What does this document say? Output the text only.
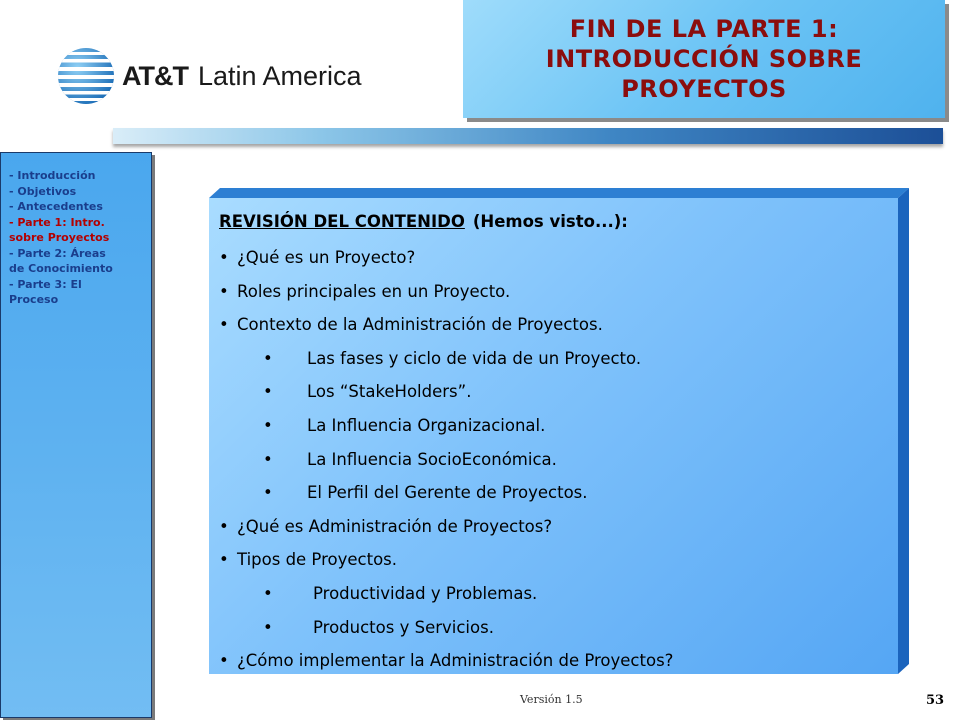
AT&T Latin America
FIN DE LA PARTE 1:
INTRODUCCIÓN SOBRE
PROYECTOS
- Introducción
- Objetivos
- Antecedentes
- Parte 1: Intro.
sobre Proyectos
- Parte 2: Áreas
de Conocimiento
- Parte 3: El
Proceso
REVISIÓN DEL CONTENIDO (Hemos visto...):
• ¿Qué es un Proyecto?
• Roles principales en un Proyecto.
• Contexto de la Administración de Proyectos.
•	Las fases y ciclo de vida de un Proyecto.
•	Los “StakeHolders”.
•	La Influencia Organizacional.
•	La Influencia SocioEconómica.
•	El Perfil del Gerente de Proyectos.
• ¿Qué es Administración de Proyectos?
• Tipos de Proyectos.
•	Productividad y Problemas.
•	Productos y Servicios.
• ¿Cómo implementar la Administración de Proyectos?
Versión 1.5	53
